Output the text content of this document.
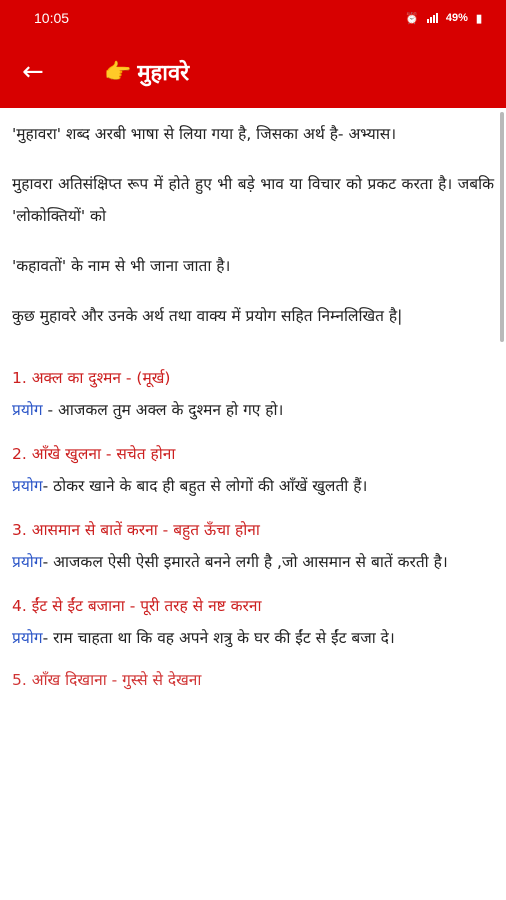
10:05	⏰ 49% ▮
←	👉 मुहावरे

'मुहावरा' शब्द अरबी भाषा से लिया गया है, जिसका अर्थ है- अभ्यास।

मुहावरा अतिसंक्षिप्त रूप में होते हुए भी बड़े भाव या विचार को प्रकट करता है। जबकि 'लोकोक्तियों' को

'कहावतों' के नाम से भी जाना जाता है।

कुछ मुहावरे और उनके अर्थ तथा वाक्य में प्रयोग सहित निम्नलिखित है|

1. अक्ल का दुश्मन - (मूर्ख)

प्रयोग - आजकल तुम अक्ल के दुश्मन हो गए हो।

2. आँखे खुलना - सचेत होना

प्रयोग- ठोकर खाने के बाद ही बहुत से लोगों की आँखें खुलती हैं।

3. आसमान से बातें करना - बहुत ऊँचा होना

प्रयोग- आजकल ऐसी ऐसी इमारते बनने लगी है ,जो आसमान से बातें करती है।

4. ईंट से ईंट बजाना - पूरी तरह से नष्ट करना

प्रयोग- राम चाहता था कि वह अपने शत्रु के घर की ईंट से ईंट बजा दे।

5. आँख दिखाना - गुस्से से देखना
